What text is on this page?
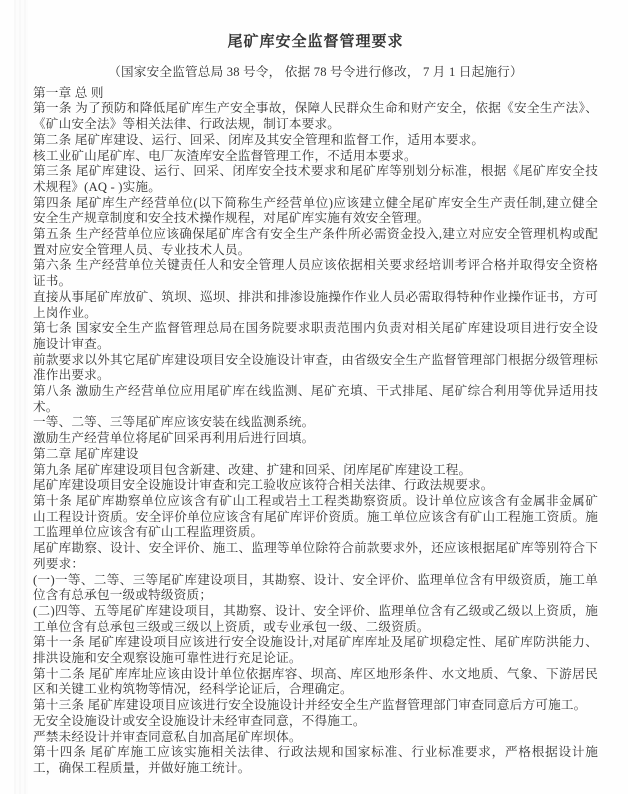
尾矿库安全监督管理要求

（国家安全监管总局 38 号令， 依据 78 号令进行修改， 7 月 1 日起施行）

第一章 总 则

第一条 为了预防和降低尾矿库生产安全事故，保障人民群众生命和财产安全，依据《安全生产法》、《矿山安全法》等相关法律、行政法规，制订本要求。

第二条 尾矿库建设、运行、回采、闭库及其安全管理和监督工作，适用本要求。

核工业矿山尾矿库、电厂灰渣库安全监督管理工作，不适用本要求。

第三条 尾矿库建设、运行、回采、闭库安全技术要求和尾矿库等别划分标准，根据《尾矿库安全技术规程》(AQ - )实施。

第四条 尾矿库生产经营单位(以下简称生产经营单位)应该建立健全尾矿库安全生产责任制,建立健全安全生产规章制度和安全技术操作规程，对尾矿库实施有效安全管理。

第五条 生产经营单位应该确保尾矿库含有安全生产条件所必需资金投入,建立对应安全管理机构或配置对应安全管理人员、专业技术人员。

第六条 生产经营单位关键责任人和安全管理人员应该依据相关要求经培训考评合格并取得安全资格证书。

直接从事尾矿库放矿、筑坝、巡坝、排洪和排渗设施操作作业人员必需取得特种作业操作证书，方可上岗作业。

第七条 国家安全生产监督管理总局在国务院要求职责范围内负责对相关尾矿库建设项目进行安全设施设计审查。

前款要求以外其它尾矿库建设项目安全设施设计审查，由省级安全生产监督管理部门根据分级管理标准作出要求。

第八条 激励生产经营单位应用尾矿库在线监测、尾矿充填、干式排尾、尾矿综合利用等优异适用技术。

一等、二等、三等尾矿库应该安装在线监测系统。

激励生产经营单位将尾矿回采再利用后进行回填。

第二章 尾矿库建设

第九条 尾矿库建设项目包含新建、改建、扩建和回采、闭库尾矿库建设工程。

尾矿库建设项目安全设施设计审查和完工验收应该符合相关法律、行政法规要求。

第十条 尾矿库勘察单位应该含有矿山工程或岩土工程类勘察资质。设计单位应该含有金属非金属矿山工程设计资质。安全评价单位应该含有尾矿库评价资质。施工单位应该含有矿山工程施工资质。施工监理单位应该含有矿山工程监理资质。

尾矿库勘察、设计、安全评价、施工、监理等单位除符合前款要求外，还应该根据尾矿库等别符合下列要求：

(一)一等、二等、三等尾矿库建设项目，其勘察、设计、安全评价、监理单位含有甲级资质，施工单位含有总承包一级或特级资质；

(二)四等、五等尾矿库建设项目，其勘察、设计、安全评价、监理单位含有乙级或乙级以上资质，施工单位含有总承包三级或三级以上资质，或专业承包一级、二级资质。

第十一条 尾矿库建设项目应该进行安全设施设计,对尾矿库库址及尾矿坝稳定性、尾矿库防洪能力、排洪设施和安全观察设施可靠性进行充足论证。

第十二条 尾矿库库址应该由设计单位依据库容、坝高、库区地形条件、水文地质、气象、下游居民区和关键工业构筑物等情况，经科学论证后，合理确定。

第十三条 尾矿库建设项目应该进行安全设施设计并经安全生产监督管理部门审查同意后方可施工。

无安全设施设计或安全设施设计未经审查同意，不得施工。

严禁未经设计并审查同意私自加高尾矿库坝体。

第十四条 尾矿库施工应该实施相关法律、行政法规和国家标准、行业标准要求，严格根据设计施工，确保工程质量，并做好施工统计。
